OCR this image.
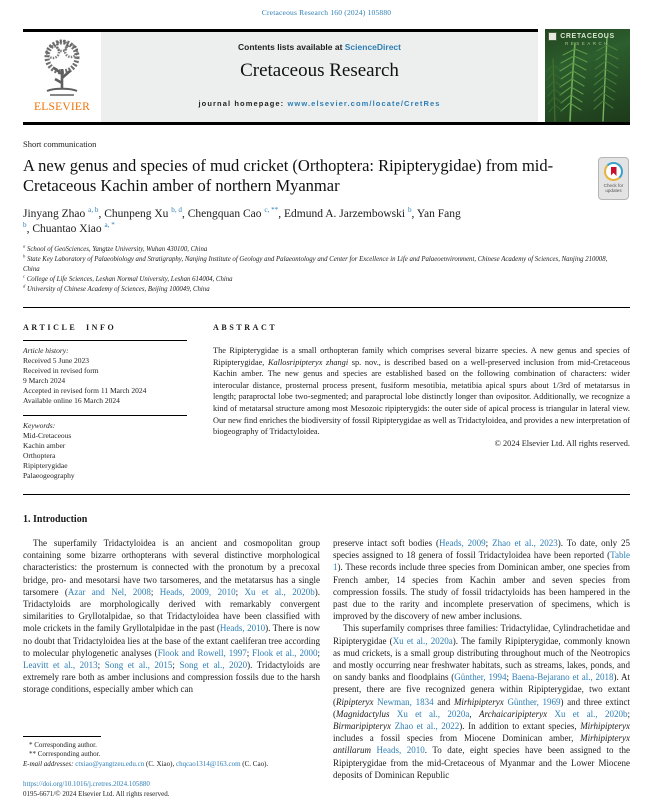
Cretaceous Research 160 (2024) 105880
ELSEVIER
Contents lists available at ScienceDirect
Cretaceous Research
journal homepage: www.elsevier.com/locate/CretRes
CRETACEOUS
RESEARCH
Short communication
A new genus and species of mud cricket (Orthoptera: Ripipterygidae) from mid-Cretaceous Kachin amber of northern Myanmar
Jinyang Zhao $^{a, b}$, Chunpeng Xu $^{b, d}$, Chengquan Cao $^{c, **}$, Edmund A. Jarzembowski $^b$, Yan Fang $^b$, Chuantao Xiao $^{a, *}$
$^a$ School of GeoSciences, Yangtze University, Wuhan 430100, China
$^b$ State Key Laboratory of Palaeobiology and Stratigraphy, Nanjing Institute of Geology and Palaeontology and Center for Excellence in Life and Palaeoenvironment, Chinese Academy of Sciences, Nanjing 210008, China
$^c$ College of Life Sciences, Leshan Normal University, Leshan 614004, China
$^d$ University of Chinese Academy of Sciences, Beijing 100049, China
ARTICLE INFO
Article history:
Received 5 June 2023
Received in revised form
9 March 2024
Accepted in revised form 11 March 2024
Available online 16 March 2024
Keywords:
Mid-Cretaceous
Kachin amber
Orthoptera
Ripipterygidae
Palaeogeography
ABSTRACT
The Ripipterygidae is a small orthopteran family which comprises several bizarre species. A new genus and species of Ripipterygidae, Kallosripipteryx zhangi sp. nov., is described based on a well-preserved inclusion from mid-Cretaceous Kachin amber. The new genus and species are established based on the following combination of characters: wider interocular distance, prosternal process present, fusiform mesotibia, metatibia apical spurs about 1/3rd of metatarsus in length; paraproctal lobe two-segmented; and paraproctal lobe distinctly longer than ovipositor. Additionally, we recognize a kind of metatarsal structure among most Mesozoic ripipterygids: the outer side of apical process is triangular in lateral view. Our new find enriches the biodiversity of fossil Ripipterygidae as well as Tridactyloidea, and provides a new interpretation of biogeography of Tridactyloidea.
© 2024 Elsevier Ltd. All rights reserved.
1. Introduction
The superfamily Tridactyloidea is an ancient and cosmopolitan group containing some bizarre orthopterans with several distinctive morphological characteristics: the prosternum is connected with the pronotum by a precoxal bridge, pro- and mesotarsi have two tarsomeres, and the metatarsus has a single tarsomere (Azar and Nel, 2008; Heads, 2009, 2010; Xu et al., 2020b). Tridactyloids are morphologically derived with remarkably convergent similarities to Gryllotalpidae, so that Tridactyloidea have been classified with mole crickets in the family Gryllotalpidae in the past (Heads, 2010). There is now no doubt that Tridactyloidea lies at the base of the extant caeliferan tree according to molecular phylogenetic analyses (Flook and Rowell, 1997; Flook et al., 2000; Leavitt et al., 2013; Song et al., 2015; Song et al., 2020). Tridactyloids are extremely rare both as amber inclusions and compression fossils due to the harsh storage conditions, especially amber which can
* Corresponding author.
** Corresponding author.
E-mail addresses: ctxiao@yangtzeu.edu.cn (C. Xiao), chqcao1314@163.com (C. Cao).
https://doi.org/10.1016/j.cretres.2024.105880
0195-6671/© 2024 Elsevier Ltd. All rights reserved.
preserve intact soft bodies (Heads, 2009; Zhao et al., 2023). To date, only 25 species assigned to 18 genera of fossil Tridactyloidea have been reported (Table 1). These records include three species from Dominican amber, one species from French amber, 14 species from Kachin amber and seven species from compression fossils. The study of fossil tridactyloids has been hampered in the past due to the rarity and incomplete preservation of specimens, which is improved by the discovery of new amber inclusions.
This superfamily comprises three families: Tridactylidae, Cylindrachetidae and Ripipterygidae (Xu et al., 2020a). The family Ripipterygidae, commonly known as mud crickets, is a small group distributing throughout much of the Neotropics and mostly occurring near freshwater habitats, such as streams, lakes, ponds, and on sandy banks and floodplains (Günther, 1994; Baena-Bejarano et al., 2018). At present, there are five recognized genera within Ripipterygidae, two extant (Ripipteryx Newman, 1834 and Mirhipipteryx Günther, 1969) and three extinct (Magnidactylus Xu et al., 2020a, Archaicaripipteryx Xu et al., 2020b; Birmaripipteryx Zhao et al., 2022). In addition to extant species, Mirhipipteryx includes a fossil species from Miocene Dominican amber, Mirhipipteryx antillarum Heads, 2010. To date, eight species have been assigned to the Ripipterygidae from the mid-Cretaceous of Myanmar and the Lower Miocene deposits of Dominican Republic
Check for
updates
